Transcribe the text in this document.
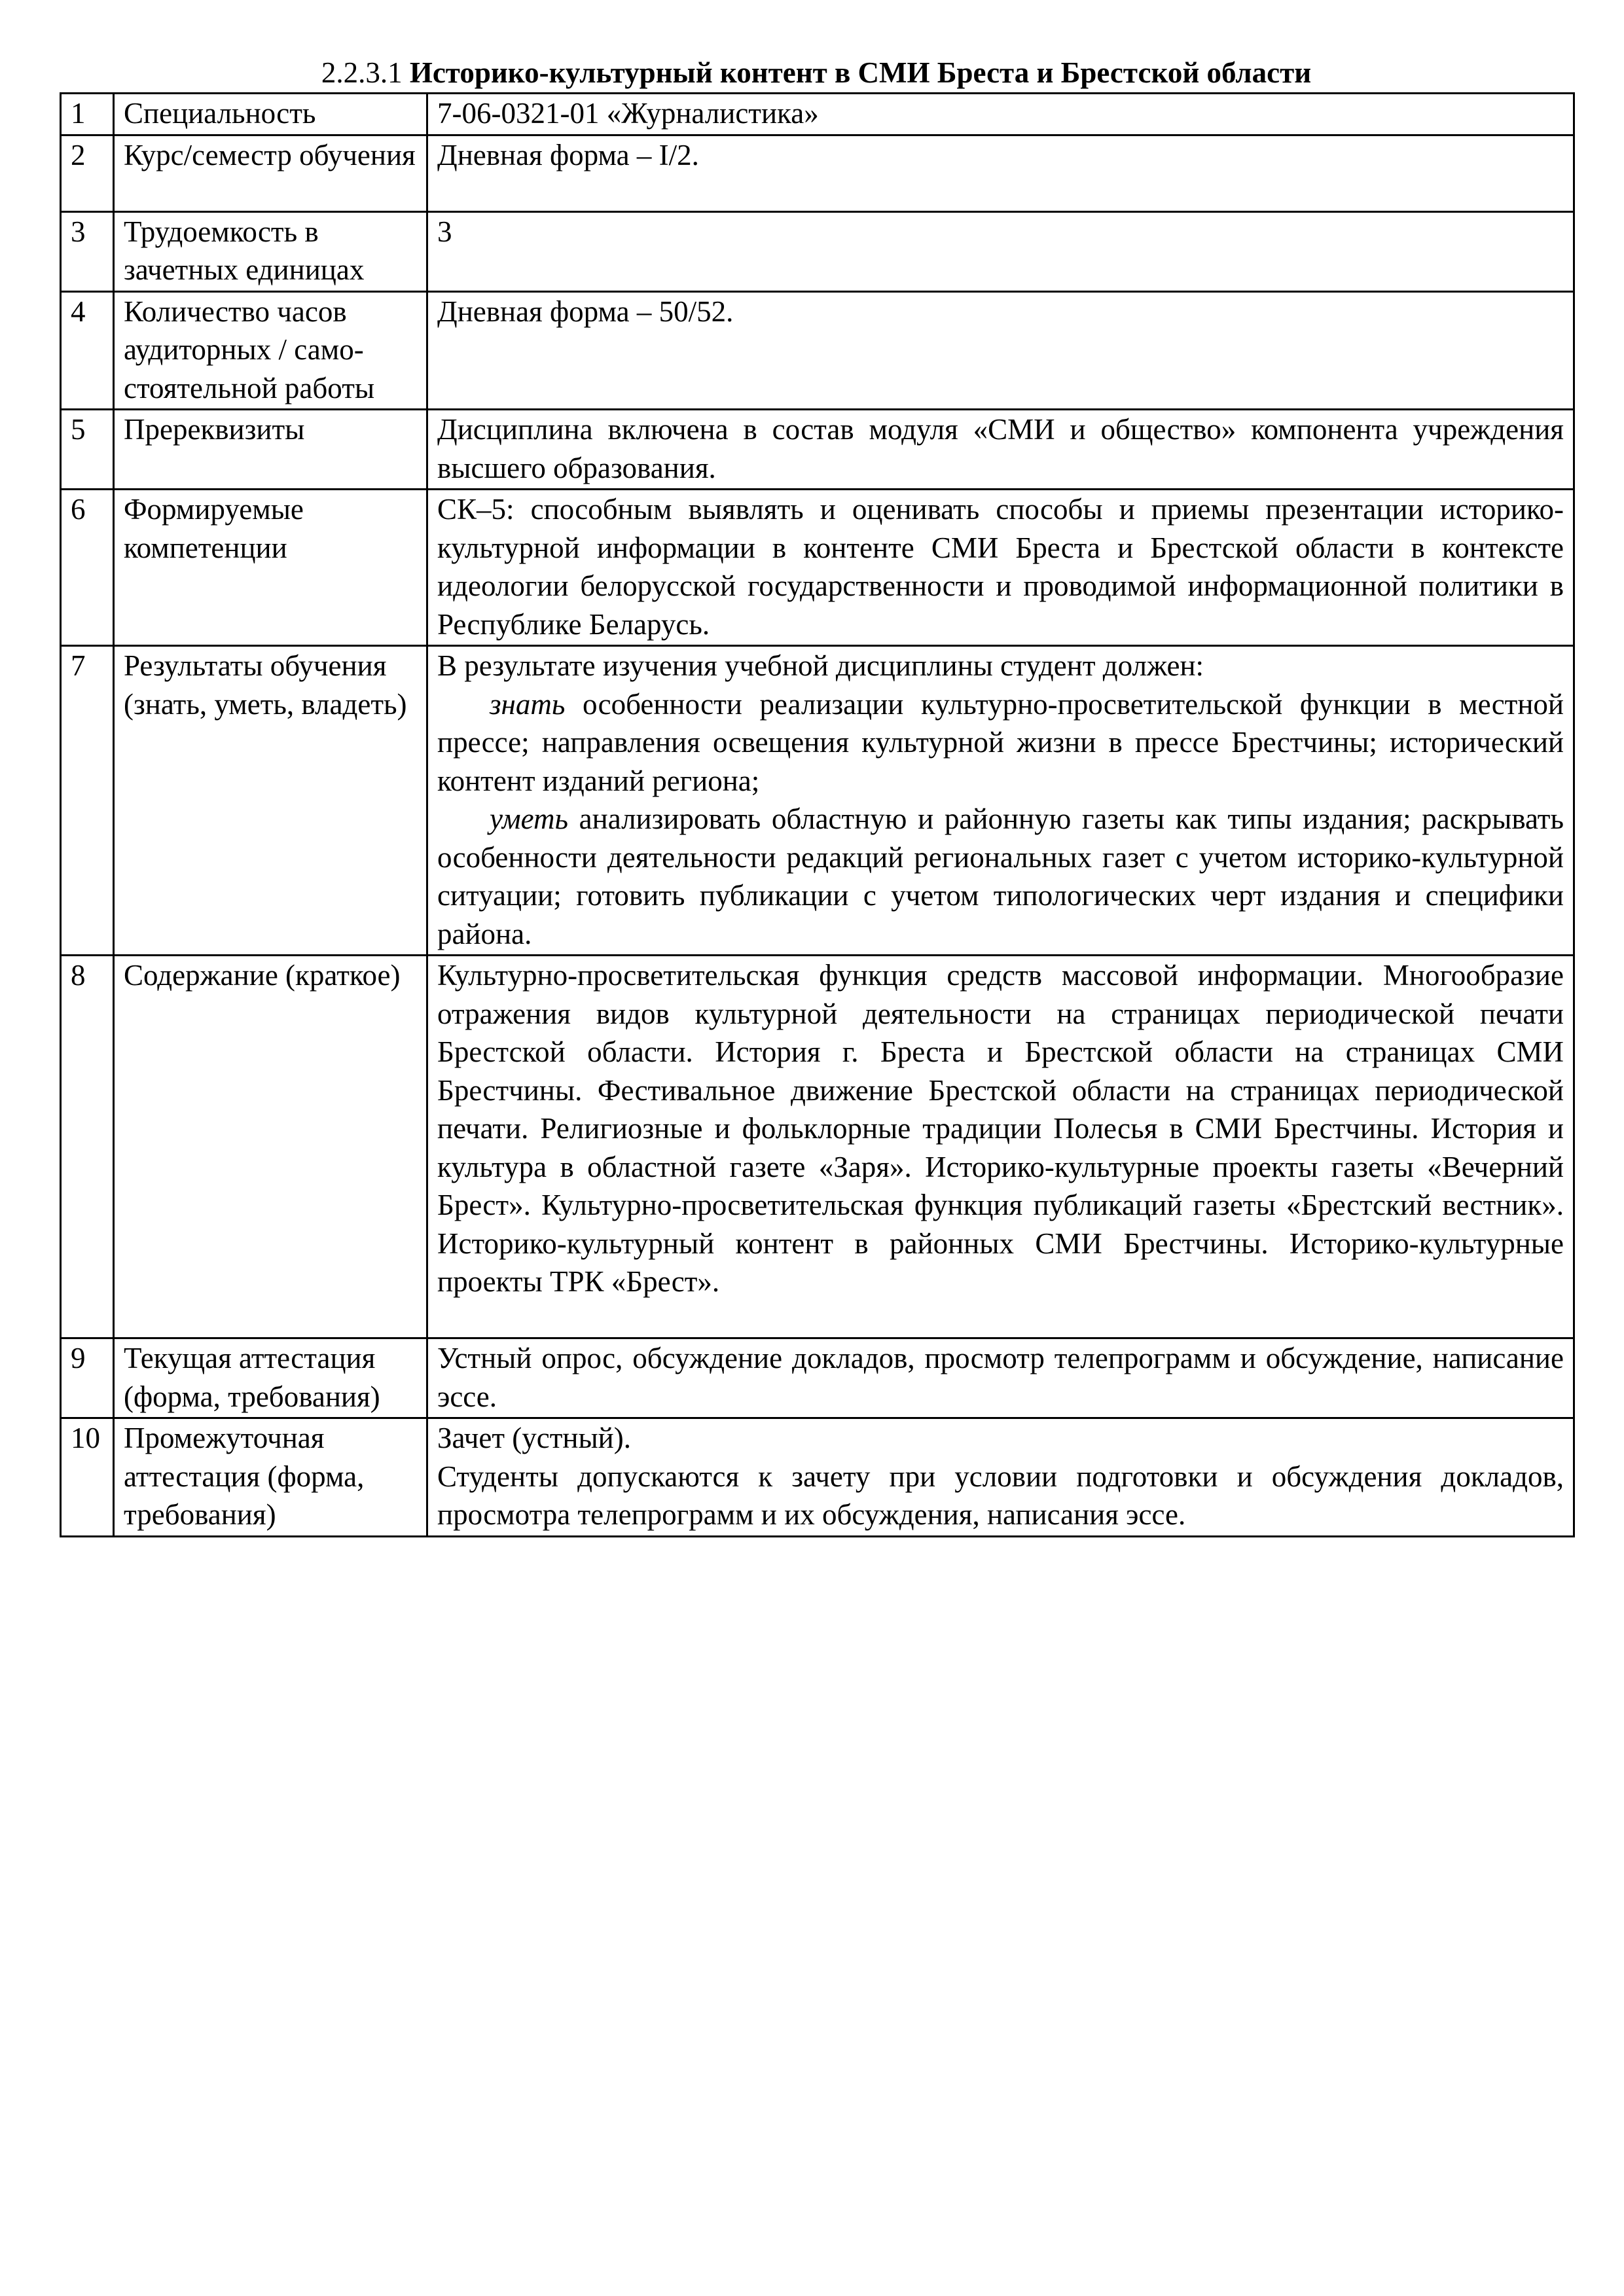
2.2.3.1 Историко-культурный контент в СМИ Бреста и Брестской области
1	Специальность	7-06-0321-01 «Журналистика»
2	Курс/семестр обучения	Дневная форма – I/2.
3	Трудоемкость в зачетных единицах	3
4	Количество часов аудиторных / само-стоятельной работы	Дневная форма – 50/52.
5	Пререквизиты	Дисциплина включена в состав модуля «СМИ и общество» компонента учреждения высшего образования.
6	Формируемые компетенции	СК–5: способным выявлять и оценивать способы и приемы презентации историко-культурной информации в контенте СМИ Бреста и Брестской области в контексте идеологии белорусской государственности и проводимой информационной политики в Республике Беларусь.
7	Результаты обучения (знать, уметь, владеть)	В результате изучения учебной дисциплины студент должен:

знать особенности реализации культурно-просветительской функции в местной прессе; направления освещения культурной жизни в прессе Брестчины; исторический контент изданий региона;

уметь анализировать областную и районную газеты как типы издания; раскрывать особенности деятельности редакций региональных газет с учетом историко-культурной ситуации; готовить публикации с учетом типологических черт издания и специфики района.

8	Содержание (краткое)	Культурно-просветительская функция средств массовой информации. Многообразие отражения видов культурной деятельности на страницах периодической печати Брестской области. История г. Бреста и Брестской области на страницах СМИ Брестчины. Фестивальное движение Брестской области на страницах периодической печати. Религиозные и фольклорные традиции Полесья в СМИ Брестчины. История и культура в областной газете «Заря». Историко-культурные проекты газеты «Вечерний Брест». Культурно-просветительская функция публикаций газеты «Брестский вестник». Историко-культурный контент в районных СМИ Брестчины. Историко-культурные проекты ТРК «Брест».
9	Текущая аттестация (форма, требования)	Устный опрос, обсуждение докладов, просмотр телепрограмм и обсуждение, написание эссе.
10	Промежуточная аттестация (форма, требования)	Зачет (устный).

Студенты допускаются к зачету при условии подготовки и обсуждения докладов, просмотра телепрограмм и их обсуждения, написания эссе.
